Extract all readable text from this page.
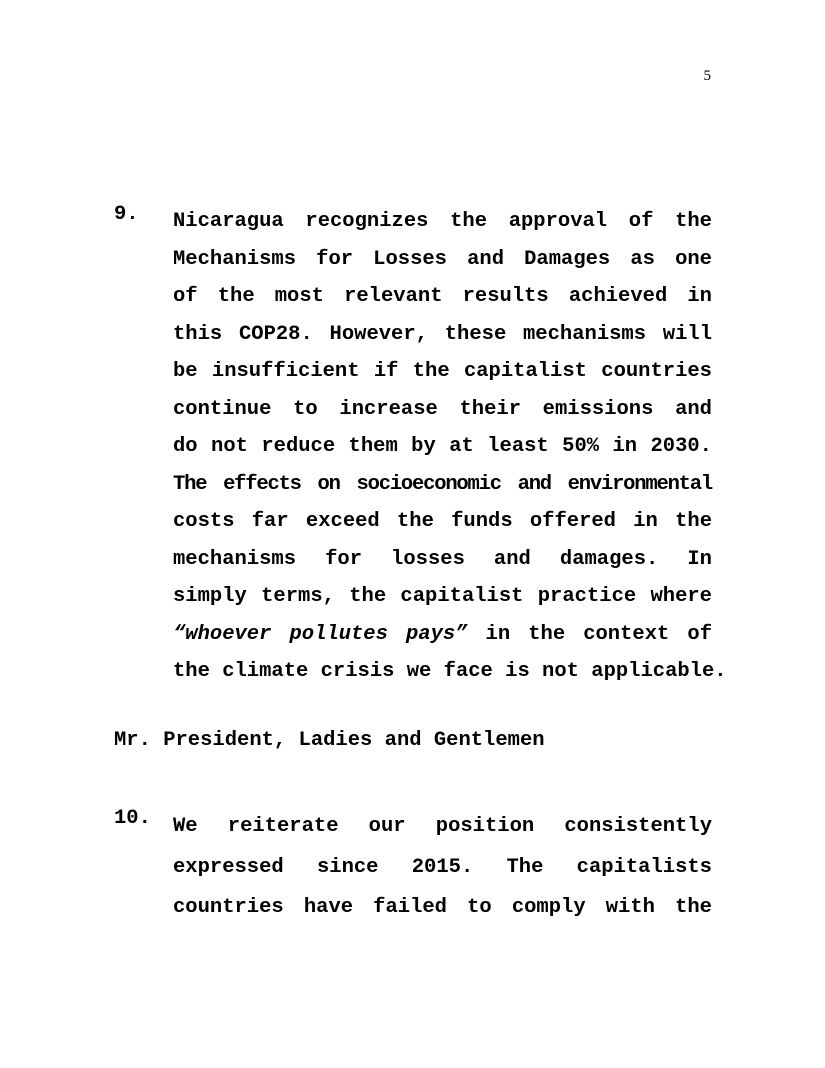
5
9. Nicaragua recognizes the approval of the
Mechanisms for Losses and Damages as one
of the most relevant results achieved in
this COP28. However, these mechanisms will
be insufficient if the capitalist countries
continue to increase their emissions and
do not reduce them by at least 50% in 2030.
The effects on socioeconomic and environmental
costs far exceed the funds offered in the
mechanisms for losses and damages. In
simply terms, the capitalist practice where
“whoever pollutes pays” in the context of
the climate crisis we face is not applicable.
Mr. President, Ladies and Gentlemen
10. We reiterate our position consistently
expressed since 2015. The capitalists
countries have failed to comply with the
